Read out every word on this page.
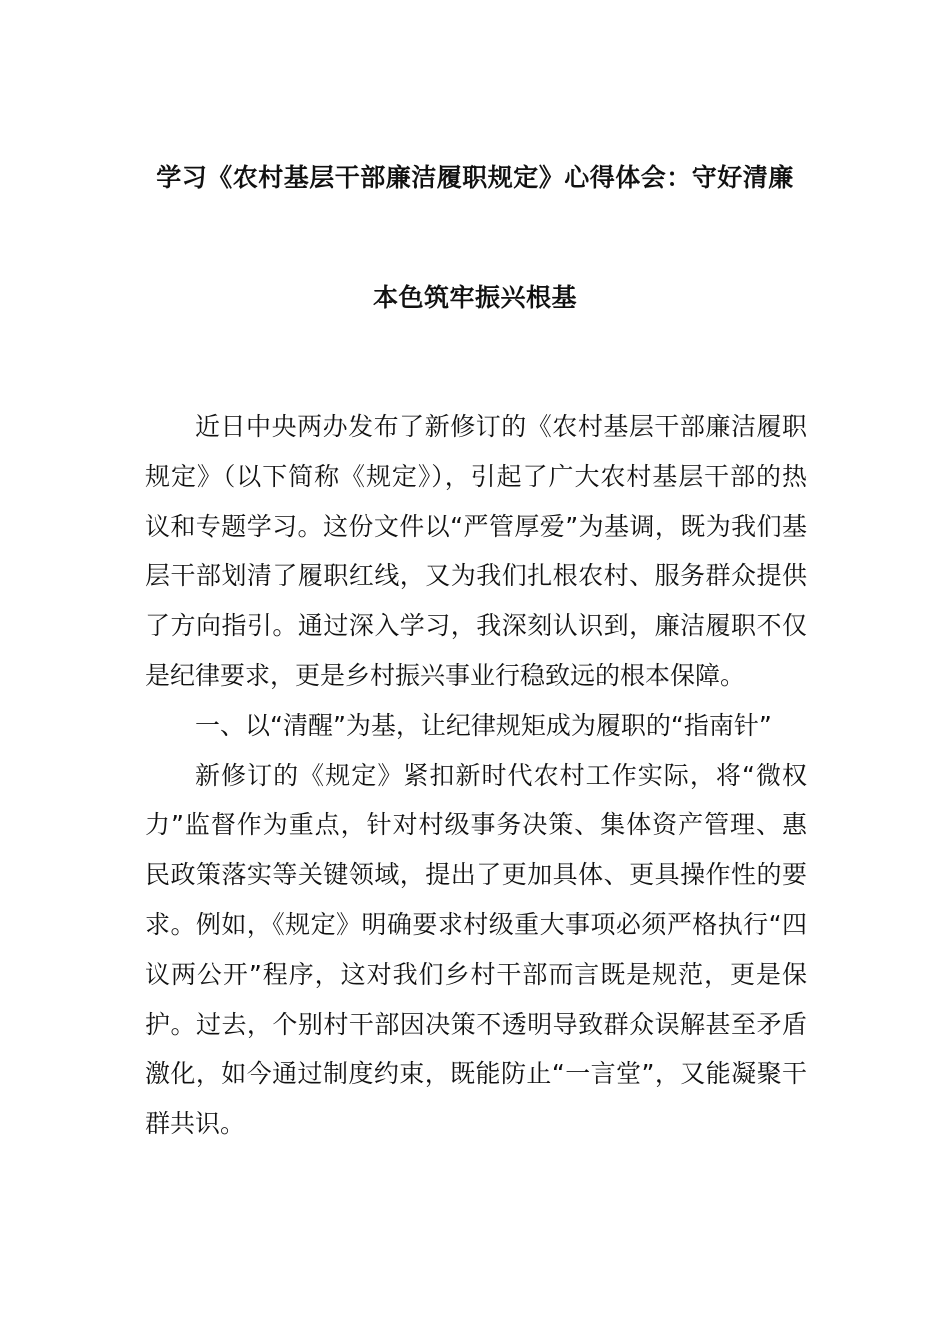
学习《农村基层干部廉洁履职规定》心得体会：守好清廉
本色筑牢振兴根基

近日中央两办发布了新修订的《农村基层干部廉洁履职规定》（以下简称《规定》），引起了广大农村基层干部的热议和专题学习。这份文件以“严管厚爱”为基调，既为我们基层干部划清了履职红线，又为我们扎根农村、服务群众提供了方向指引。通过深入学习，我深刻认识到，廉洁履职不仅是纪律要求，更是乡村振兴事业行稳致远的根本保障。

一、以“清醒”为基，让纪律规矩成为履职的“指南针”

新修订的《规定》紧扣新时代农村工作实际，将“微权力”监督作为重点，针对村级事务决策、集体资产管理、惠民政策落实等关键领域，提出了更加具体、更具操作性的要求。例如，《规定》明确要求村级重大事项必须严格执行“四议两公开”程序，这对我们乡村干部而言既是规范，更是保护。过去，个别村干部因决策不透明导致群众误解甚至矛盾激化，如今通过制度约束，既能防止“一言堂”，又能凝聚干群共识。
